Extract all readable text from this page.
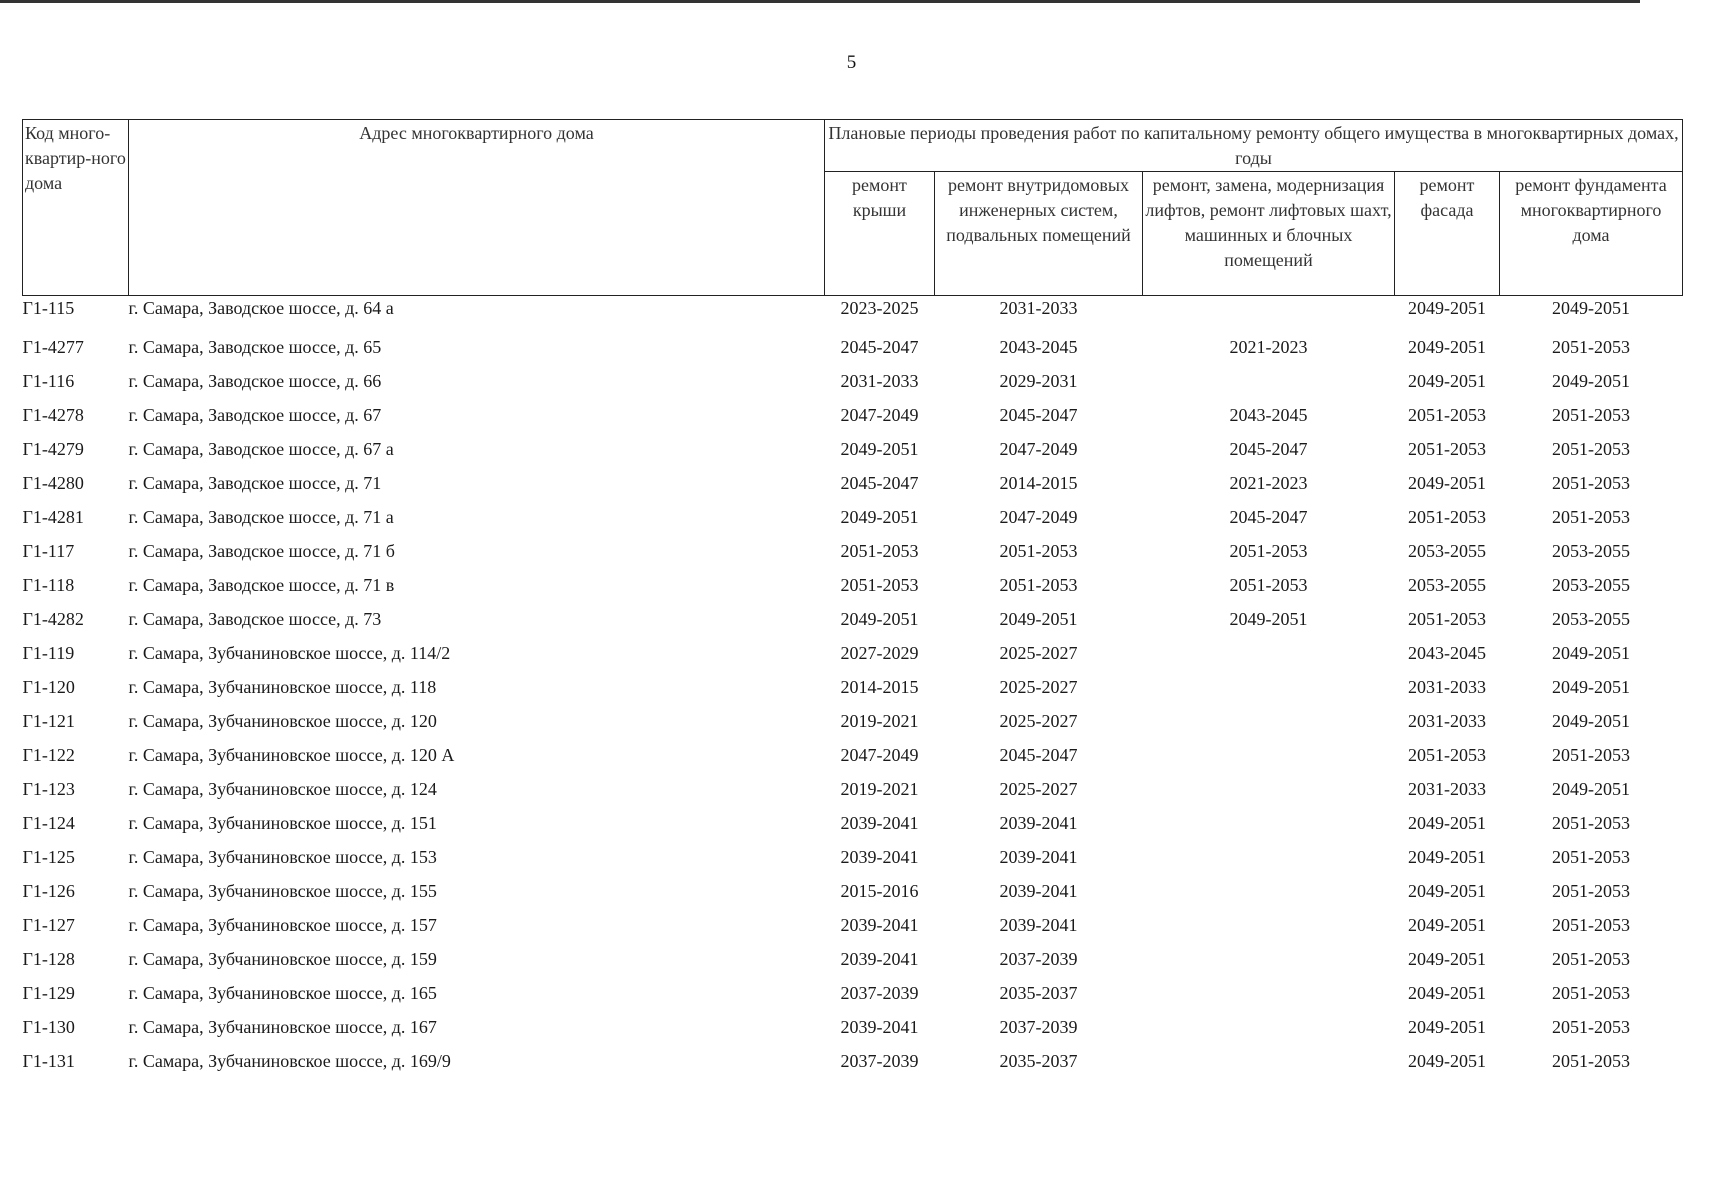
5
Код много-квартир-ного дома	Адрес многоквартирного дома	Плановые периоды проведения работ по капитальному ремонту общего имущества в многоквартирных домах, годы				
		ремонт крыши	ремонт внутридомовых инженерных систем, подвальных помещений	ремонт, замена, модернизация лифтов, ремонт лифтовых шахт, машинных и блочных помещений	ремонт фасада	ремонт фундамента многоквартирного дома
Г1-115	г. Самара, Заводское шоссе, д. 64 а	2023-2025	2031-2033		2049-2051	2049-2051
Г1-4277	г. Самара, Заводское шоссе, д. 65	2045-2047	2043-2045	2021-2023	2049-2051	2051-2053
Г1-116	г. Самара, Заводское шоссе, д. 66	2031-2033	2029-2031		2049-2051	2049-2051
Г1-4278	г. Самара, Заводское шоссе, д. 67	2047-2049	2045-2047	2043-2045	2051-2053	2051-2053
Г1-4279	г. Самара, Заводское шоссе, д. 67 а	2049-2051	2047-2049	2045-2047	2051-2053	2051-2053
Г1-4280	г. Самара, Заводское шоссе, д. 71	2045-2047	2014-2015	2021-2023	2049-2051	2051-2053
Г1-4281	г. Самара, Заводское шоссе, д. 71 а	2049-2051	2047-2049	2045-2047	2051-2053	2051-2053
Г1-117	г. Самара, Заводское шоссе, д. 71 б	2051-2053	2051-2053	2051-2053	2053-2055	2053-2055
Г1-118	г. Самара, Заводское шоссе, д. 71 в	2051-2053	2051-2053	2051-2053	2053-2055	2053-2055
Г1-4282	г. Самара, Заводское шоссе, д. 73	2049-2051	2049-2051	2049-2051	2051-2053	2053-2055
Г1-119	г. Самара, Зубчаниновское шоссе, д. 114/2	2027-2029	2025-2027		2043-2045	2049-2051
Г1-120	г. Самара, Зубчаниновское шоссе, д. 118	2014-2015	2025-2027		2031-2033	2049-2051
Г1-121	г. Самара, Зубчаниновское шоссе, д. 120	2019-2021	2025-2027		2031-2033	2049-2051
Г1-122	г. Самара, Зубчаниновское шоссе, д. 120 А	2047-2049	2045-2047		2051-2053	2051-2053
Г1-123	г. Самара, Зубчаниновское шоссе, д. 124	2019-2021	2025-2027		2031-2033	2049-2051
Г1-124	г. Самара, Зубчаниновское шоссе, д. 151	2039-2041	2039-2041		2049-2051	2051-2053
Г1-125	г. Самара, Зубчаниновское шоссе, д. 153	2039-2041	2039-2041		2049-2051	2051-2053
Г1-126	г. Самара, Зубчаниновское шоссе, д. 155	2015-2016	2039-2041		2049-2051	2051-2053
Г1-127	г. Самара, Зубчаниновское шоссе, д. 157	2039-2041	2039-2041		2049-2051	2051-2053
Г1-128	г. Самара, Зубчаниновское шоссе, д. 159	2039-2041	2037-2039		2049-2051	2051-2053
Г1-129	г. Самара, Зубчаниновское шоссе, д. 165	2037-2039	2035-2037		2049-2051	2051-2053
Г1-130	г. Самара, Зубчаниновское шоссе, д. 167	2039-2041	2037-2039		2049-2051	2051-2053
Г1-131	г. Самара, Зубчаниновское шоссе, д. 169/9	2037-2039	2035-2037		2049-2051	2051-2053
